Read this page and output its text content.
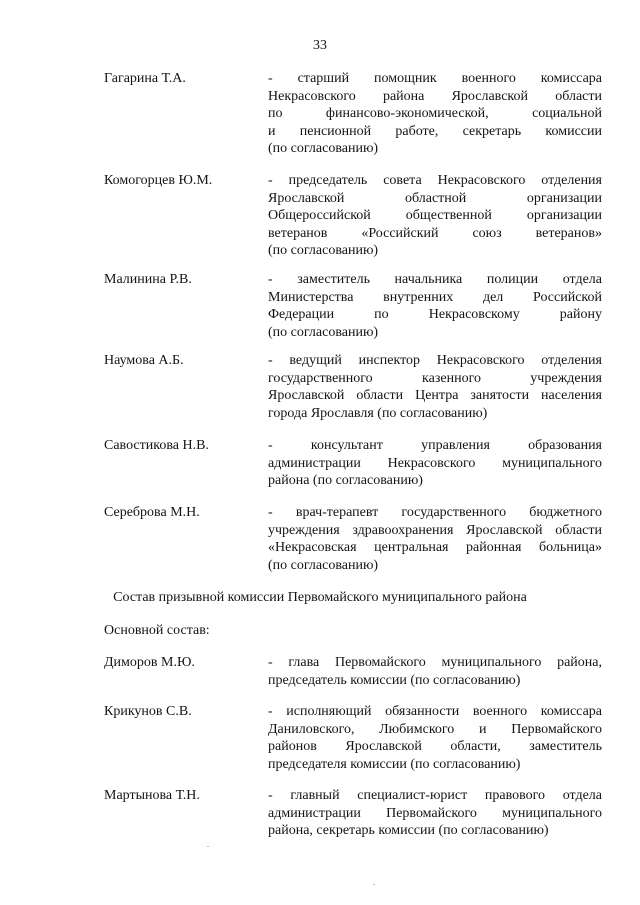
33
Гагарина Т.А.	- старший помощник военного комиссара
Некрасовского района Ярославской области
по финансово-экономической, социальной
и пенсионной работе, секретарь комиссии
(по согласованию)
Комогорцев Ю.М.	- председатель совета Некрасовского отделения
Ярославской областной организации
Общероссийской общественной организации
ветеранов «Российский союз ветеранов»
(по согласованию)
Малинина Р.В.	- заместитель начальника полиции отдела
Министерства внутренних дел Российской
Федерации по Некрасовскому району
(по согласованию)
Наумова А.Б.	- ведущий инспектор Некрасовского отделения
государственного казенного учреждения
Ярославской области Центра занятости населения
города Ярославля (по согласованию)
Савостикова Н.В.	- консультант управления образования
администрации Некрасовского муниципального
района (по согласованию)
Сереброва М.Н.	- врач-терапевт государственного бюджетного
учреждения здравоохранения Ярославской области
«Некрасовская центральная районная больница»
(по согласованию)
Состав призывной комиссии Первомайского муниципального района
Основной состав:
Диморов М.Ю.	- глава Первомайского муниципального района,
председатель комиссии (по согласованию)
Крикунов С.В.	- исполняющий обязанности военного комиссара
Даниловского, Любимского и Первомайского
районов Ярославской области, заместитель
председателя комиссии (по согласованию)
Мартынова Т.Н.	- главный специалист-юрист правового отдела
администрации Первомайского муниципального
района, секретарь комиссии (по согласованию)
